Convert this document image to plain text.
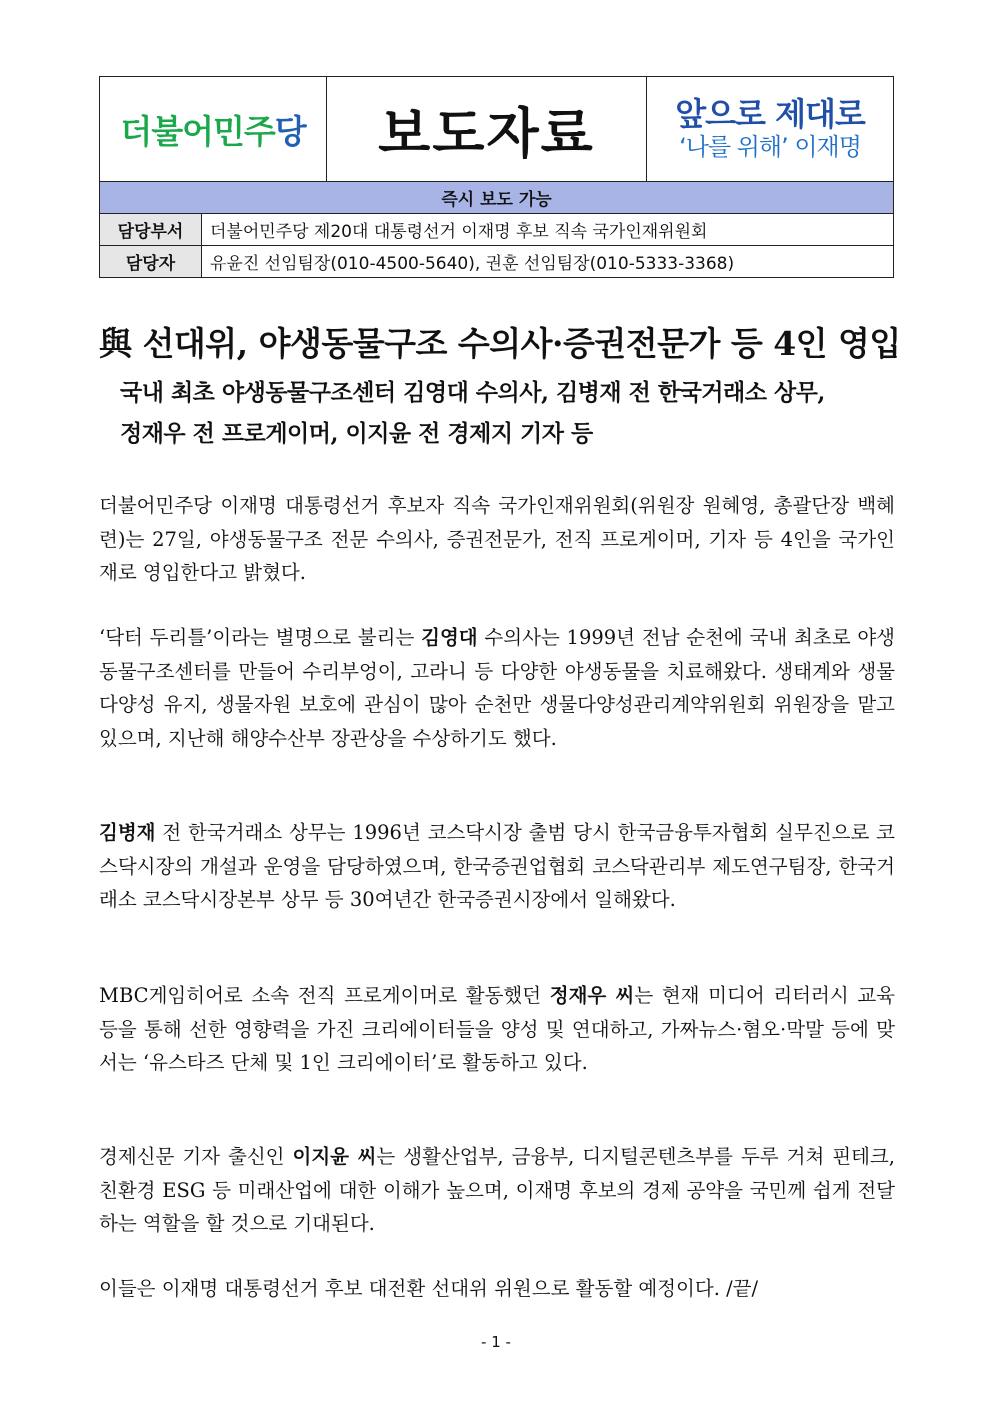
더불어민주당		보도자료	앞으로 제대로
‘나를 위해’ 이재명

즉시 보도 가능			
담당부서	더불어민주당 제20대 대통령선거 이재명 후보 직속 국가인재위원회		
담당자	유윤진 선임팀장(010-4500-5640), 권훈 선임팀장(010-5333-3368)		
與 선대위, 야생동물구조 수의사·증권전문가 등 4인 영입
국내 최초 야생동물구조센터 김영대 수의사, 김병재 전 한국거래소 상무,
정재우 전 프로게이머, 이지윤 전 경제지 기자 등
더불어민주당 이재명 대통령선거 후보자 직속 국가인재위원회(위원장 원혜영, 총괄단장 백혜련)는 27일, 야생동물구조 전문 수의사, 증권전문가, 전직 프로게이머, 기자 등 4인을 국가인재로 영입한다고 밝혔다.
‘닥터 두리틀’이라는 별명으로 불리는 김영대 수의사는 1999년 전남 순천에 국내 최초로 야생동물구조센터를 만들어 수리부엉이, 고라니 등 다양한 야생동물을 치료해왔다. 생태계와 생물다양성 유지, 생물자원 보호에 관심이 많아 순천만 생물다양성관리계약위원회 위원장을 맡고 있으며, 지난해 해양수산부 장관상을 수상하기도 했다.
김병재 전 한국거래소 상무는 1996년 코스닥시장 출범 당시 한국금융투자협회 실무진으로 코스닥시장의 개설과 운영을 담당하였으며, 한국증권업협회 코스닥관리부 제도연구팀장, 한국거래소 코스닥시장본부 상무 등 30여년간 한국증권시장에서 일해왔다.
MBC게임히어로 소속 전직 프로게이머로 활동했던 정재우 씨는 현재 미디어 리터러시 교육 등을 통해 선한 영향력을 가진 크리에이터들을 양성 및 연대하고, 가짜뉴스·혐오·막말 등에 맞서는 ‘유스타즈 단체 및 1인 크리에이터’로 활동하고 있다.
경제신문 기자 출신인 이지윤 씨는 생활산업부, 금융부, 디지털콘텐츠부를 두루 거쳐 핀테크, 친환경 ESG 등 미래산업에 대한 이해가 높으며, 이재명 후보의 경제 공약을 국민께 쉽게 전달하는 역할을 할 것으로 기대된다.
이들은 이재명 대통령선거 후보 대전환 선대위 위원으로 활동할 예정이다. /끝/
- 1 -
